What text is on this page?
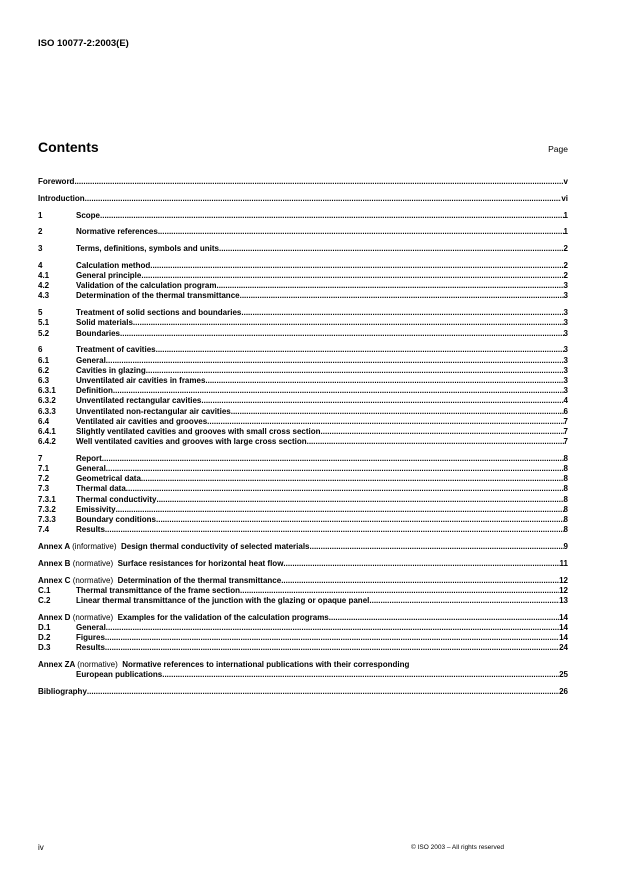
ISO 10077-2:2003(E)
Contents	Page
Foreword .....	v
Introduction .....	vi
1	Scope .....	1
2	Normative references .....	1
3	Terms, definitions, symbols and units .....	2
4	Calculation method .....	2
4.1	General principle .....	2
4.2	Validation of the calculation program .....	3
4.3	Determination of the thermal transmittance .....	3
5	Treatment of solid sections and boundaries .....	3
5.1	Solid materials .....	3
5.2	Boundaries .....	3
6	Treatment of cavities .....	3
6.1	General .....	3
6.2	Cavities in glazing .....	3
6.3	Unventilated air cavities in frames .....	3
6.3.1	Definition .....	3
6.3.2	Unventilated rectangular cavities .....	4
6.3.3	Unventilated non-rectangular air cavities .....	6
6.4	Ventilated air cavities and grooves .....	7
6.4.1	Slightly ventilated cavities and grooves with small cross section .....	7
6.4.2	Well ventilated cavities and grooves with large cross section .....	7
7	Report .....	8
7.1	General .....	8
7.2	Geometrical data .....	8
7.3	Thermal data .....	8
7.3.1	Thermal conductivity .....	8
7.3.2	Emissivity .....	8
7.3.3	Boundary conditions .....	8
7.4	Results .....	8
Annex A (informative) Design thermal conductivity of selected materials .....	9
Annex B (normative) Surface resistances for horizontal heat flow .....	11
Annex C (normative) Determination of the thermal transmittance .....	12
C.1	Thermal transmittance of the frame section .....	12
C.2	Linear thermal transmittance of the junction with the glazing or opaque panel .....	13
Annex D (normative) Examples for the validation of the calculation programs .....	14
D.1	General .....	14
D.2	Figures .....	14
D.3	Results .....	24
Annex ZA (normative) Normative references to international publications with their corresponding
European publications .....	25
Bibliography .....	26
iv	© ISO 2003 – All rights reserved
